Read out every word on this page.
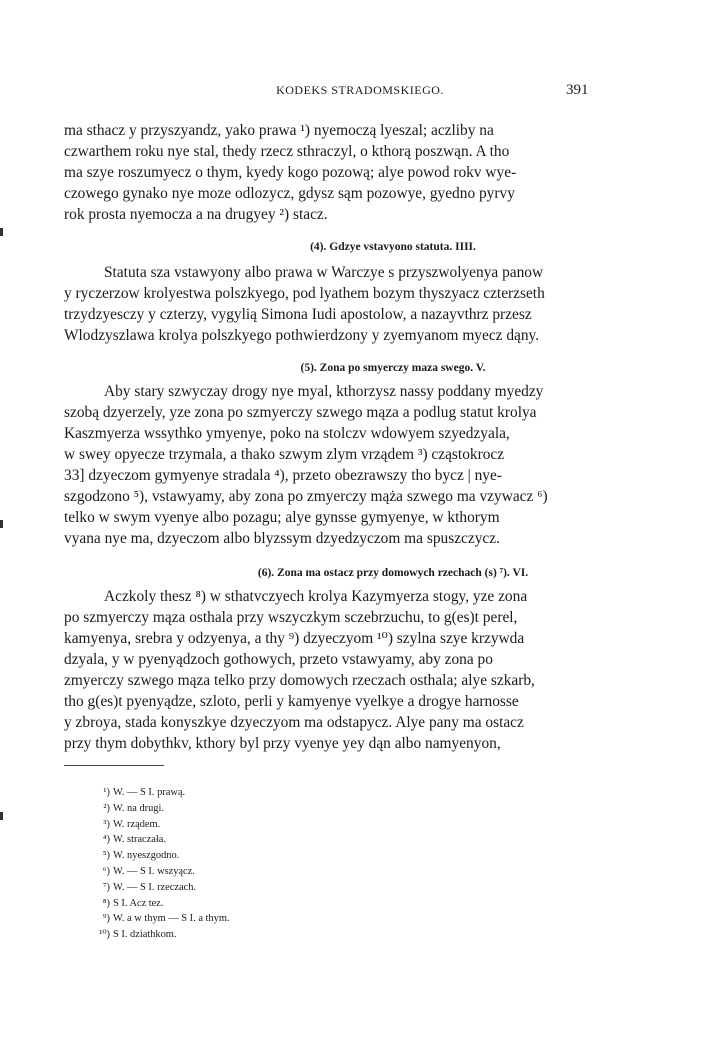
KODEKS STRADOMSKIEGO.	391
ma sthacz y przyszyandz, yako prawa ¹) nyemoczą lyeszal; aczliby na
czwarthem roku nye stal, thedy rzecz sthraczyl, o kthorą poszwąn. A tho
ma szye roszumyecz o thym, kyedy kogo pozową; alye powod rokv wye-
czowego gynako nye moze odlozycz, gdysz sąm pozowye, gyedno pyrvy
rok prosta nyemocza a na drugyey ²) stacz.
(4). Gdzye vstavyono statuta. IIII.
Statuta sza vstawyony albo prawa w Warczye s przyszwolyenya panow
y ryczerzow krolyestwa polszkyego, pod lyathem bozym thyszyacz czterzseth
trzydzyesczy y czterzy, vygylią Simona Iudi apostolow, a nazayvthrz przesz
Wlodzyszlawa krolya polszkyego pothwierdzony y zyemyanom myecz dąny.
(5). Zona po smyerczy maza swego. V.
Aby stary szwyczay drogy nye myal, kthorzysz nassy poddany myedzy
szobą dzyerzely, yze zona po szmyerczy szwego mąza a podlug statut krolya
Kaszmyerza wssythko ymyenye, poko na stolczv wdowyem szyedzyala,
w swey opyecze trzymala, a thako szwym zlym vrządem ³) cząstokrocz
33] dzyeczom gymyenye stradala ⁴), przeto obezrawszy tho bycz | nye-
szgodzono ⁵), vstawyamy, aby zona po zmyerczy mąża szwego ma vzywacz ⁶)
telko w swym vyenye albo pozagu; alye gynsse gymyenye, w kthorym
vyana nye ma, dzyeczom albo blyzssym dzyedzyczom ma spuszczycz.
(6). Zona ma ostacz przy domowych rzechach (s) ⁷). VI.
Aczkoly thesz ⁸) w sthatvczyech krolya Kazymyerza stogy, yze zona
po szmyerczy mąza osthala przy wszyczkym sczebrzuchu, to g(es)t perel,
kamyenya, srebra y odzyenya, a thy ⁹) dzyeczyom ¹⁰) szylna szye krzywda
dzyala, y w pyenyądzoch gothowych, przeto vstawyamy, aby zona po
zmyerczy szwego mąza telko przy domowych rzeczach osthala; alye szkarb,
tho g(es)t pyenyądze, szloto, perli y kamyenye vyelkye a drogye harnosse
y zbroya, stada konyszkye dzyeczyom ma odstapycz. Alye pany ma ostacz
przy thym dobythkv, kthory byl przy vyenye yey dąn albo namyenyon,
¹) W. — S I. prawą.
²) W. na drugi.
³) W. rządem.
⁴) W. straczała.
⁵) W. nyeszgodno.
⁶) W. — S I. wszyącz.
⁷) W. — S I. rzeczach.
⁸) S I. Acz tez.
⁹) W. a w thym — S I. a thym.
¹⁰) S I. dziathkom.
